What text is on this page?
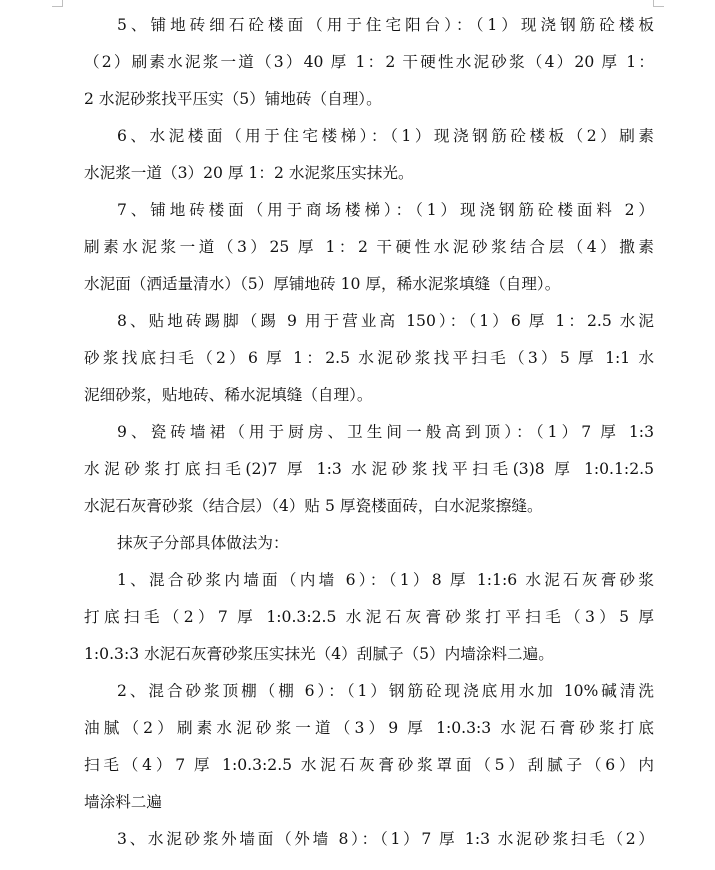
5、铺地砖细石砼楼面（用于住宅阳台）：（1）现浇钢筋砼楼板
（2）刷素水泥浆一道（3）40 厚 1：2 干硬性水泥砂浆（4）20 厚 1：
2 水泥砂浆找平压实（5）铺地砖（自理）。
6、水泥楼面（用于住宅楼梯）：（1）现浇钢筋砼楼板（2）刷素
水泥浆一道（3）20 厚 1：2 水泥浆压实抹光。
7、铺地砖楼面（用于商场楼梯）：（1）现浇钢筋砼楼面料 2）
刷素水泥浆一道（3）25 厚 1：2 干硬性水泥砂浆结合层（4）撒素
水泥面（洒适量清水）（5）厚铺地砖 10 厚，稀水泥浆填缝（自理）。
8、贴地砖踢脚（踢 9 用于营业高 150）：（1）6 厚 1：2.5 水泥
砂浆找底扫毛（2）6 厚 1：2.5 水泥砂浆找平扫毛（3）5 厚 1:1 水
泥细砂浆，贴地砖、稀水泥填缝（自理）。
9、瓷砖墙裙（用于厨房、卫生间一般高到顶）：（1）7 厚 1:3
水泥砂浆打底扫毛(2)7 厚 1:3 水泥砂浆找平扫毛(3)8 厚 1:0.1:2.5
水泥石灰膏砂浆（结合层）（4）贴 5 厚瓷楼面砖，白水泥浆擦缝。
抹灰子分部具体做法为：
1、混合砂浆内墙面（内墙 6）：（1）8 厚 1:1:6 水泥石灰膏砂浆
打底扫毛（2）7 厚 1:0.3:2.5 水泥石灰膏砂浆打平扫毛（3）5 厚
1:0.3:3 水泥石灰膏砂浆压实抹光（4）刮腻子（5）内墙涂料二遍。
2、混合砂浆顶棚（棚 6）：（1）钢筋砼现浇底用水加 10%碱清洗
油腻（2）刷素水泥砂浆一道（3）9 厚 1:0.3:3 水泥石膏砂浆打底
扫毛（4）7 厚 1:0.3:2.5 水泥石灰膏砂浆罩面（5）刮腻子（6）内
墙涂料二遍
3、水泥砂浆外墙面（外墙 8）：（1）7 厚 1:3 水泥砂浆扫毛（2）
